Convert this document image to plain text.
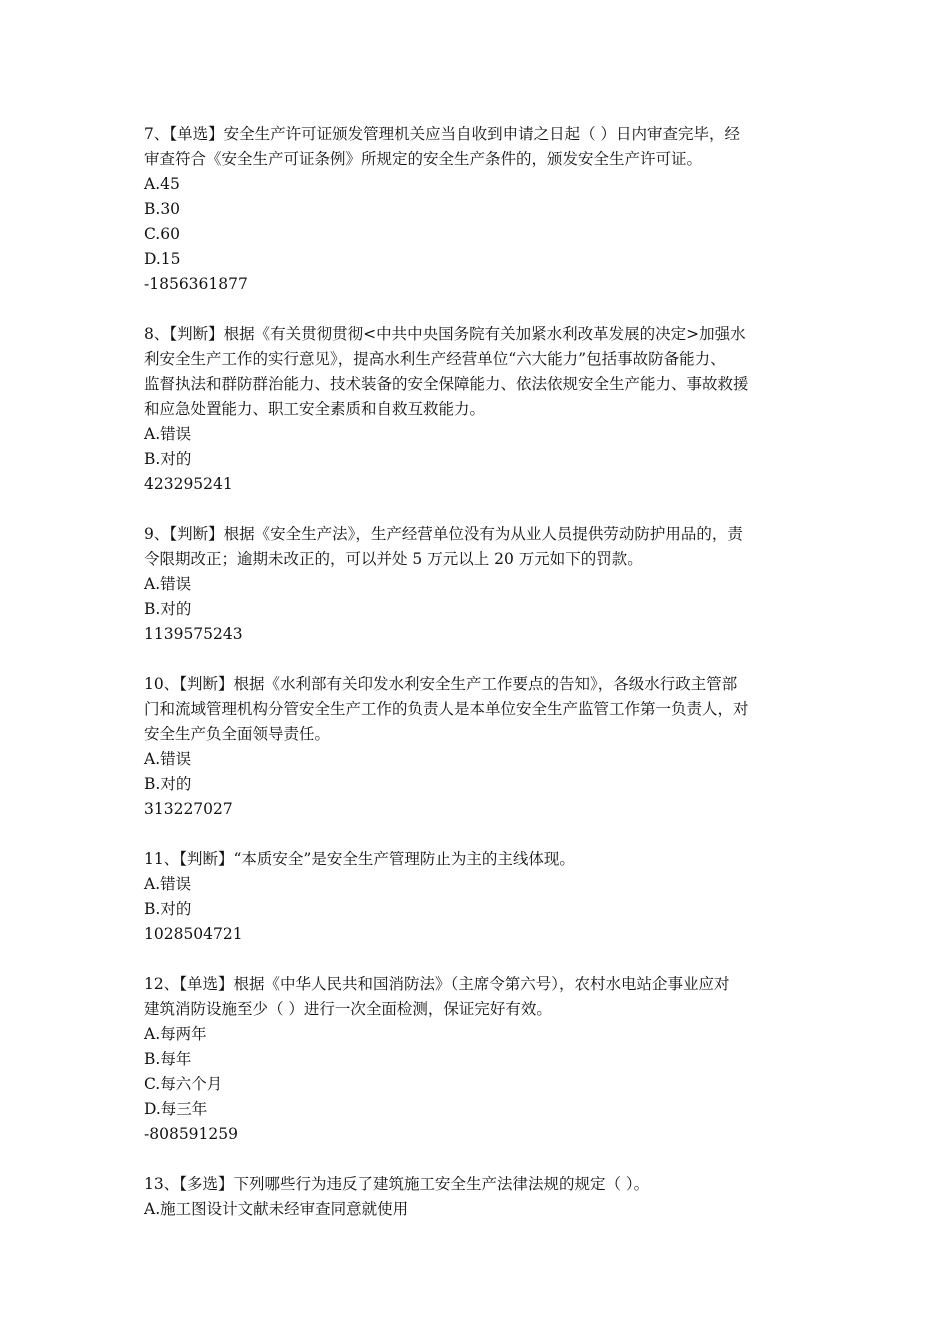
7、【单选】安全生产许可证颁发管理机关应当自收到申请之日起（ ）日内审查完毕，经
审查符合《安全生产可证条例》所规定的安全生产条件的，颁发安全生产许可证。
A.45
B.30
C.60
D.15
-1856361877
8、【判断】根据《有关贯彻贯彻<中共中央国务院有关加紧水利改革发展的决定>加强水
利安全生产工作的实行意见》，提高水利生产经营单位“六大能力”包括事故防备能力、
监督执法和群防群治能力、技术装备的安全保障能力、依法依规安全生产能力、事故救援
和应急处置能力、职工安全素质和自救互救能力。
A.错误
B.对的
423295241
9、【判断】根据《安全生产法》，生产经营单位没有为从业人员提供劳动防护用品的，责
令限期改正；逾期未改正的，可以并处 5 万元以上 20 万元如下的罚款。
A.错误
B.对的
1139575243
10、【判断】根据《水利部有关印发水利安全生产工作要点的告知》，各级水行政主管部
门和流域管理机构分管安全生产工作的负责人是本单位安全生产监管工作第一负责人，对
安全生产负全面领导责任。
A.错误
B.对的
313227027
11、【判断】“本质安全”是安全生产管理防止为主的主线体现。
A.错误
B.对的
1028504721
12、【单选】根据《中华人民共和国消防法》（主席令第六号），农村水电站企事业应对
建筑消防设施至少（ ）进行一次全面检测，保证完好有效。
A.每两年
B.每年
C.每六个月
D.每三年
-808591259
13、【多选】下列哪些行为违反了建筑施工安全生产法律法规的规定（ ）。
A.施工图设计文献未经审查同意就使用
